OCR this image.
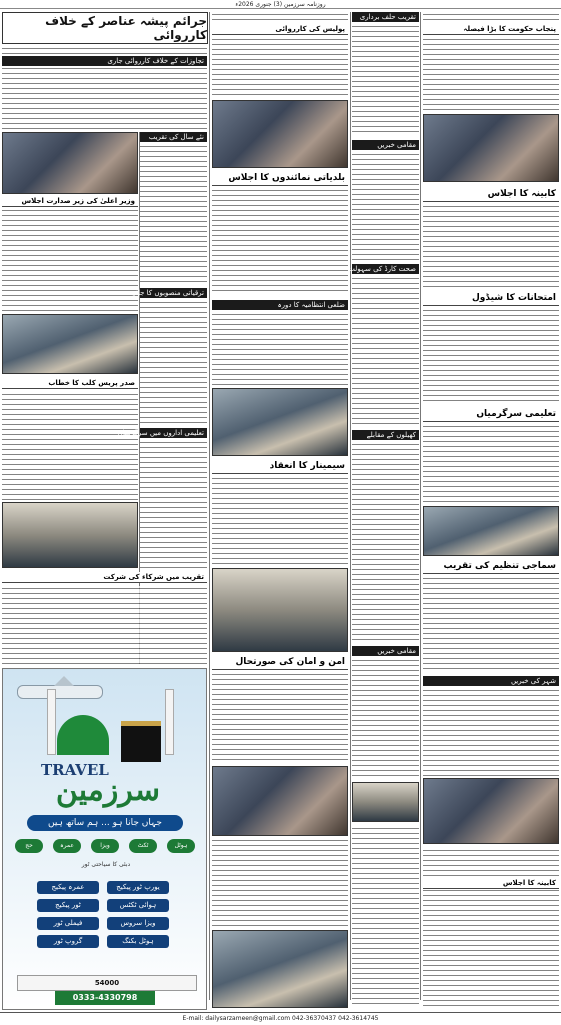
روزنامہ سرزمین (3) جنوری 2026ء
جرائم پیشہ عناصر کے خلاف کارروائی
تجاوزات کے خلاف کارروائی جاری
نئے سال کی تقریب
وزیر اعلیٰ کی زیر صدارت اجلاس
صدر پریس کلب کا خطاب
ترقیاتی منصوبوں کا جائزہ
تعلیمی اداروں میں سرگرمیاں
تقریب میں شرکاء کی شرکت
TRAVEL
سرزمین
جہاں جانا ہو ... ہم ساتھ ہیں
حج	عمرہ	ویزا	ٹکٹ	ہوٹل
دبئی کا سیاحتی ٹور
یورپ ٹور پیکیج
عمرہ پیکیج
ہوائی ٹکٹس
ٹور پیکیج
ویزا سروس
فیملی ٹور
ہوٹل بکنگ
گروپ ٹور
54000
0333-4330798
پولیس کی کارروائی
بلدیاتی نمائندوں کا اجلاس
ضلعی انتظامیہ کا دورہ
سیمینار کا انعقاد
امن و امان کی صورتحال
تقریب حلف برداری
مقامی خبریں
صحت کارڈ کی سہولت
کھیلوں کے مقابلے
مقامی خبریں
پنجاب حکومت کا بڑا فیصلہ
کابینہ کا اجلاس
امتحانات کا شیڈول
تعلیمی سرگرمیاں
سماجی تنظیم کی تقریب
شہر کی خبریں
کابینہ کا اجلاس
E-mail: dailysarzameen@gmail.com 042-36370437 042-3614745
